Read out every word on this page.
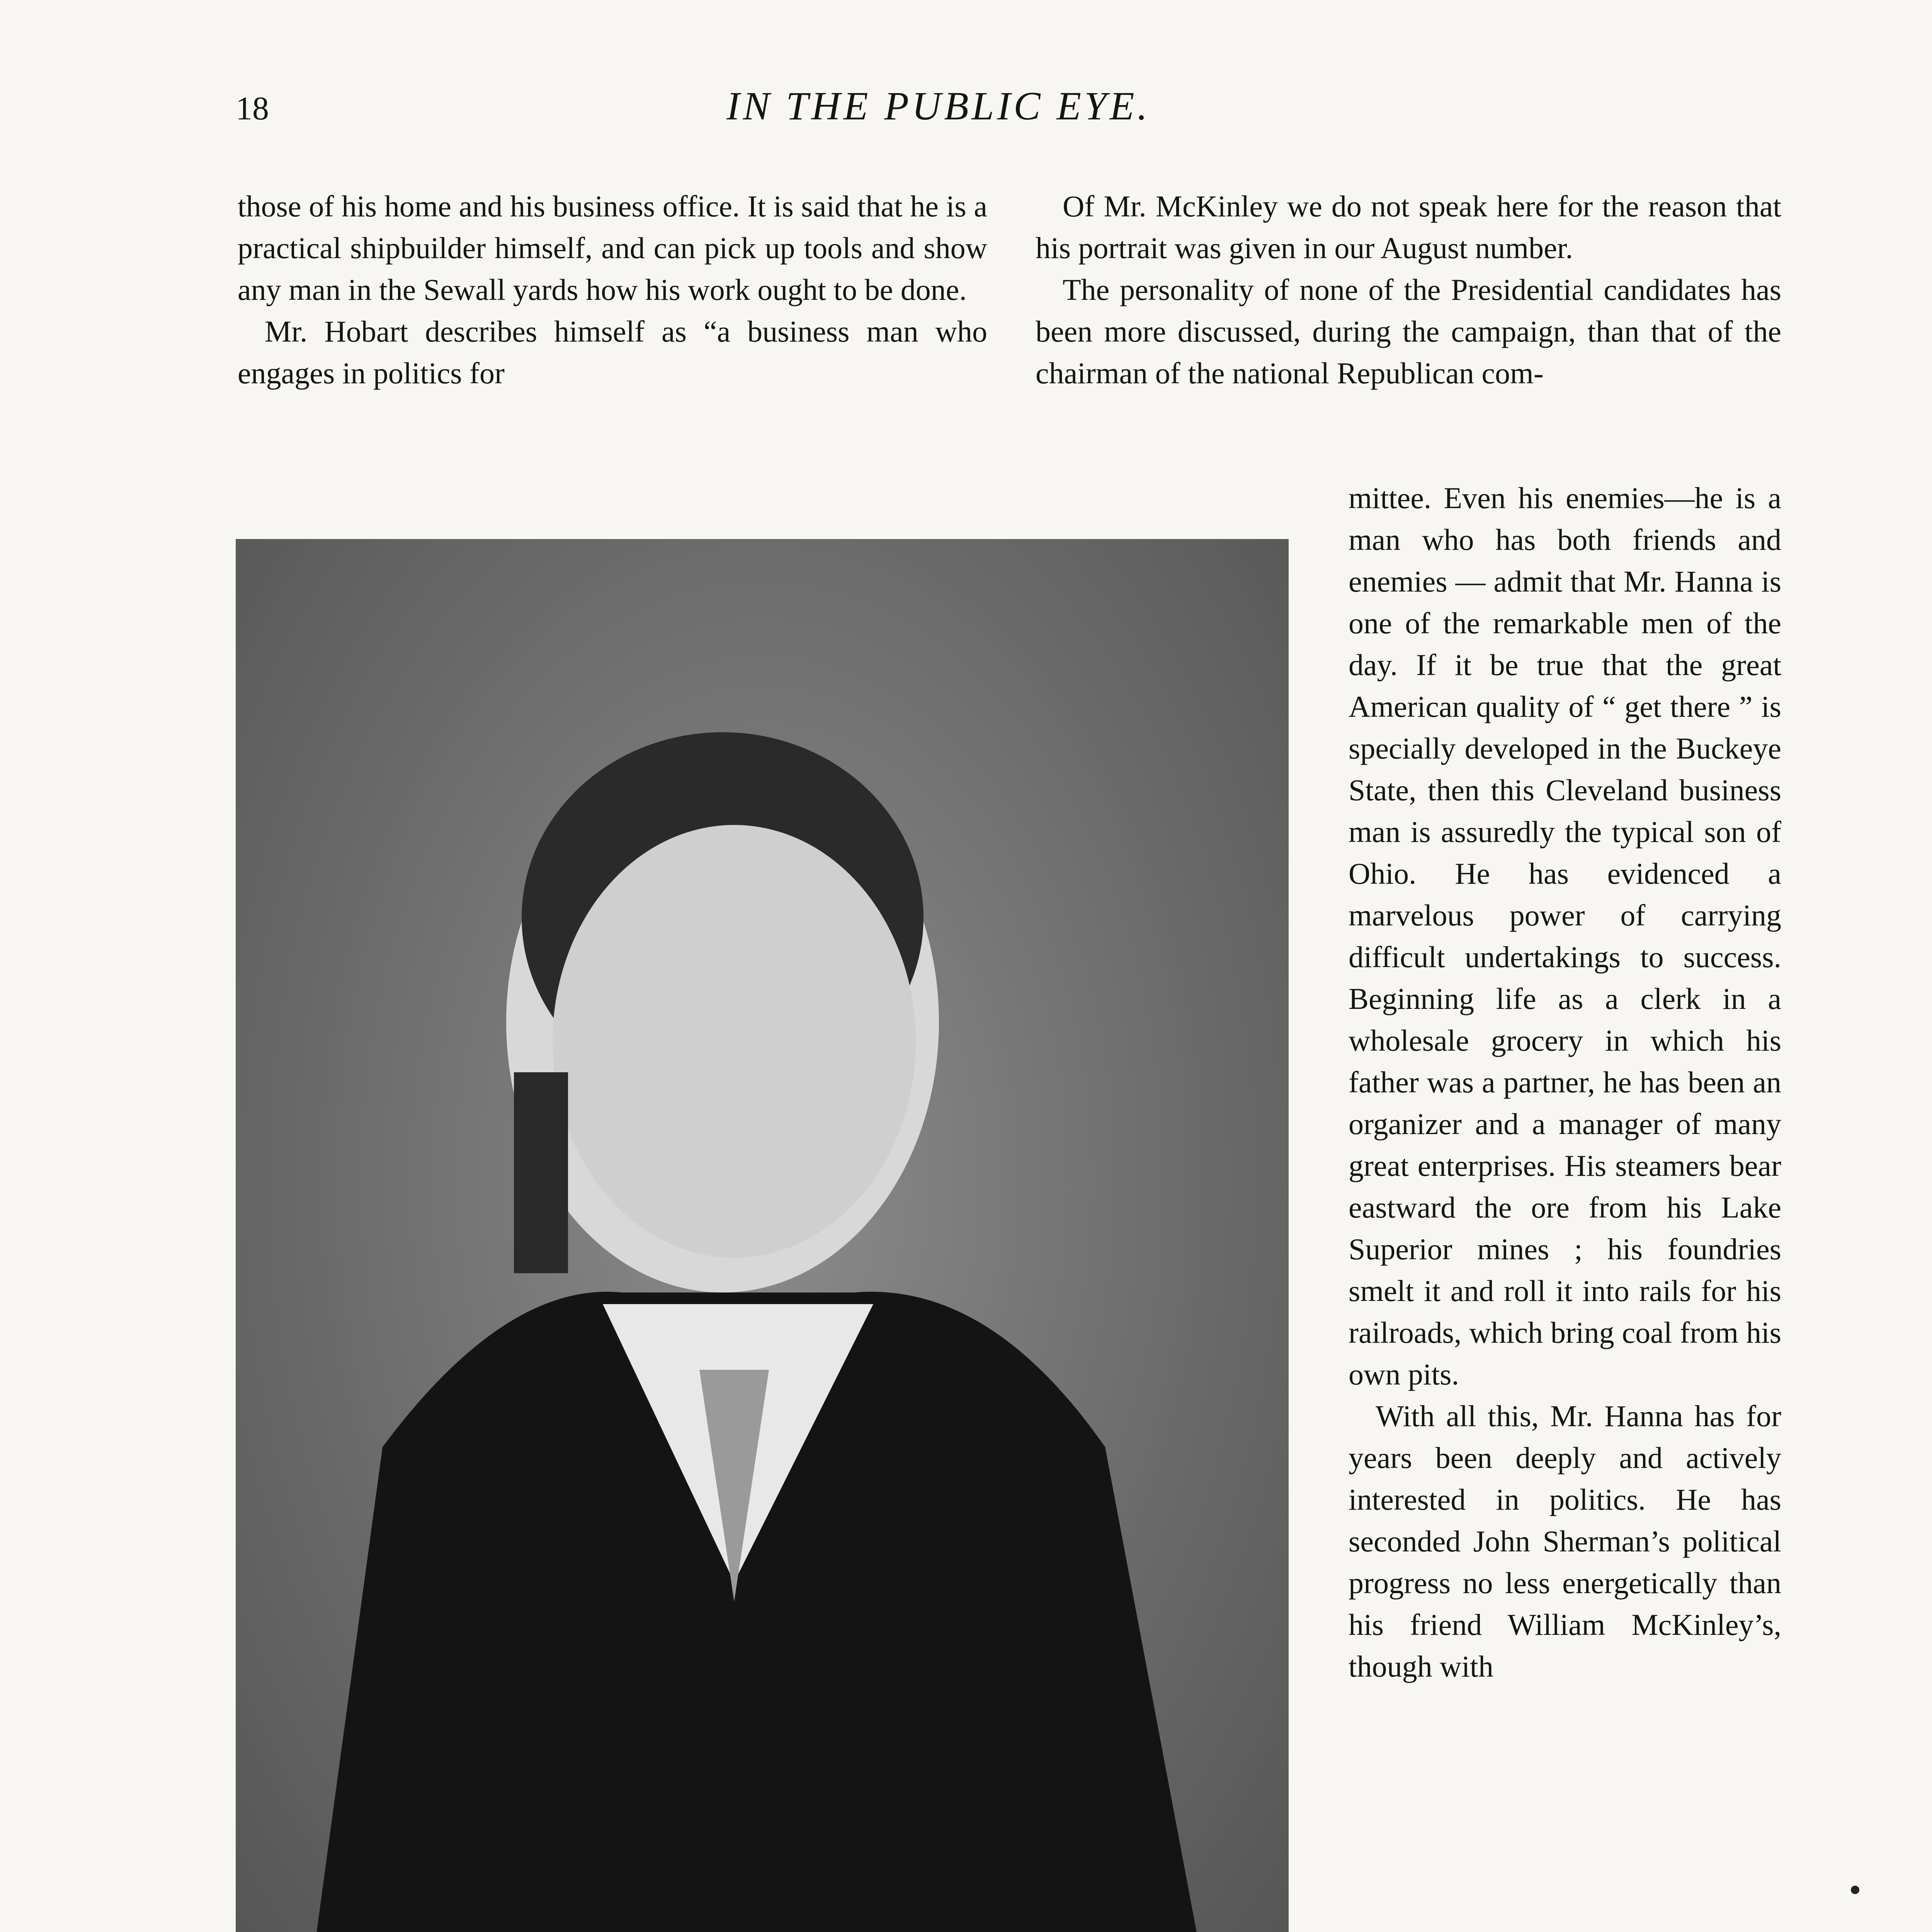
18	IN THE PUBLIC EYE.

those of his home and his business office. It is said that he is a practical shipbuilder himself, and can pick up tools and show any man in the Sewall yards how his work ought to be done.

Mr. Hobart describes himself as “a business man who engages in politics for

Of Mr. McKinley we do not speak here for the reason that his portrait was given in our August number.

The personality of none of the Presidential candidates has been more discussed, during the campaign, than that of the chairman of the national Republican com-

mittee. Even his enemies—he is a man who has both friends and enemies — admit that Mr. Hanna is one of the remarkable men of the day. If it be true that the great American quality of “ get there ” is specially developed in the Buckeye State, then this Cleveland business man is assuredly the typical son of Ohio. He has evidenced a marvelous power of carrying difficult undertakings to success. Beginning life as a clerk in a wholesale grocery in which his father was a partner, he has been an organizer and a manager of many great enterprises. His steamers bear eastward the ore from his Lake Superior mines ; his foundries smelt it and roll it into rails for his railroads, which bring coal from his own pits.

With all this, Mr. Hanna has for years been deeply and actively interested in politics. He has seconded John Sherman’s political progress no less energetically than his friend William McKinley’s, though with
